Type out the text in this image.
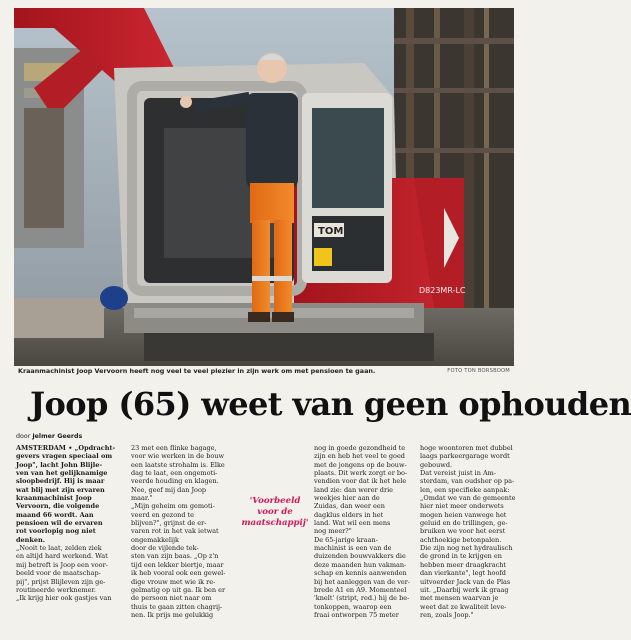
TOM
D823MR-LC
Kraanmachinist Joop Vervoorn heeft nog veel te veel plezier in zijn werk om met pensioen te gaan.	FOTO TON BORSBOOM
Joop (65) weet van geen ophouden
door Jelmer Geerds
AMSTERDAM • „Opdracht-
gevers vragen speciaal om
Joop", lacht John Blijle-
ven van het gelijknamige
sloopbedrijf. Hij is maar
wat blij met zijn ervaren
kraanmachinist Joop
Vervoorn, die volgende
maand 66 wordt. Aan
pensioen wil de ervaren
rot voorlopig nog niet
denken.
„Nooit te laat, zelden ziek
en altijd hard werkend. Wat
mij betreft is Joop een voor-
beeld voor de maatschap-
pij", prijst Blijleven zijn ge-
routineerde werknemer.
„Ik krijg hier ook gastjes van
23 met een flinke bagage,
voor wie werken in de bouw
een laatste strohalm is. Elke
dag te laat, een ongemoti-
veerde houding en klagen.
Nee, geef mij dan Joop
maar."
„Mijn geheim om gemoti-
veerd en gezond te
blijven?", grijnst de er-
varen rot in het vak ietwat
ongemakkelijk
door de vijlende tek-
sten van zijn baas. „Op z'n
tijd een lekker biertje, maar
ik heb vooral ook een gewel-
dige vrouw met wie ik re-
gelmatig op uit ga. Ik ben er
de persoon niet naar om
thuis te gaan zitten chagrij-
nen. Ik prijs me gelukkig
'Voorbeeld
voor de
maatschappij'
nog in goede gezondheid te
zijn en heb het veel te goed
met de jongens op de bouw-
plaats. Dit werk zorgt er bo-
vendien voor dat ik het hele
land zie: dan werer drie
weekjes hier aan de
Zuidas, dan weer een
dagklus elders in het
land. Wat wil een mens
nog meer?"
De 65-jarige kraan-
machinist is een van de
duizenden bouwvakkers die
deze maanden hun vakman-
schap en kennis aanwenden
bij het aanleggen van de ver-
brede A1 en A9. Momenteel
'knelt' (stript, red.) hij de be-
tonkoppen, waarop een
fraai ontworpen 75 meter
hoge woontoren met dubbel
laags parkeergarage wordt
gebouwd.
Dat vereist juist in Am-
sterdam, van oudsher op pa-
len, een specifieke aanpak:
„Omdat we van de gemeente
hier niet meer onderwets
mogen heien vanwege het
geluid en de trillingen, ge-
bruiken we voor het eerst
achthoekige betonpalen.
Die zijn nog net hydraulisch
de grond in te krijgen en
hebben meer draagkracht
dan vierkante", legt hoofd
uitvoerder Jack van de Plas
uit. „Daarbij werk ik graag
met mensen waarvan je
weet dat ze kwaliteit leve-
ren, zoals Joop."
